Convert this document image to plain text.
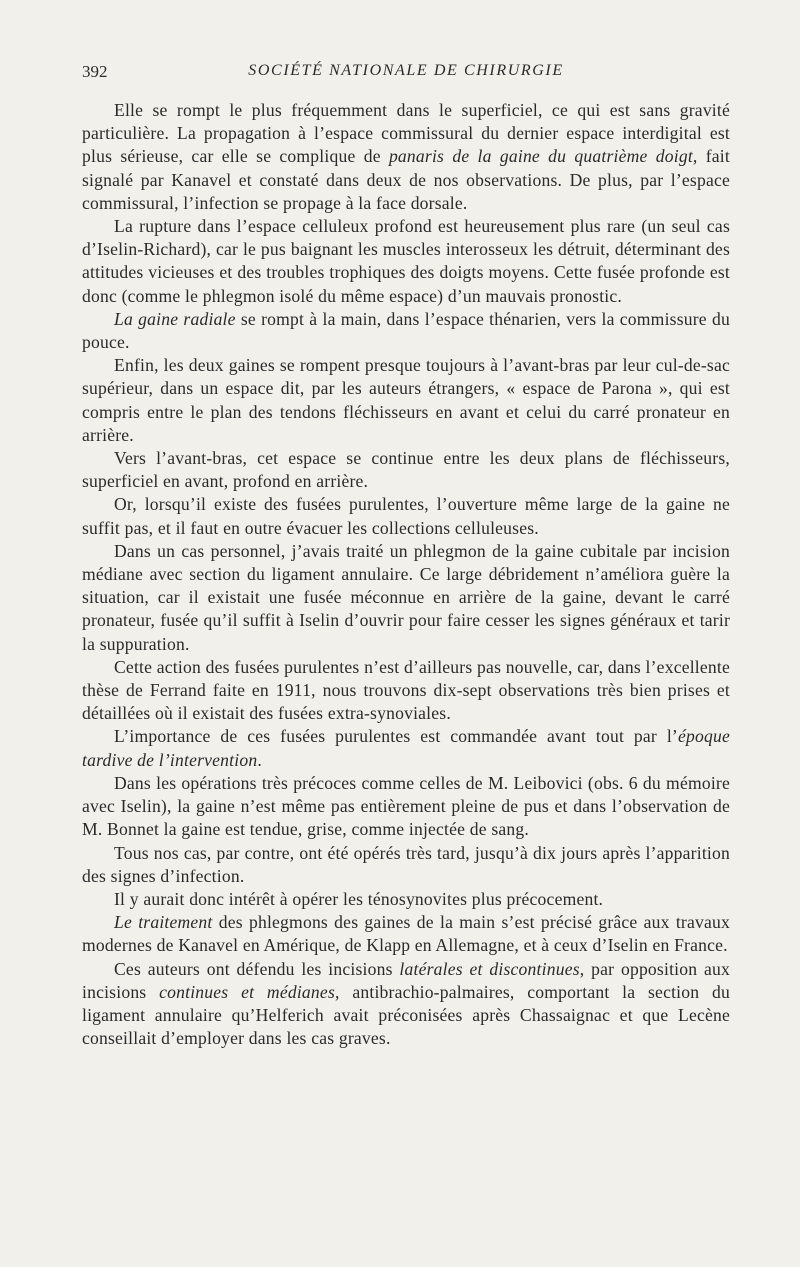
392	SOCIÉTÉ NATIONALE DE CHIRURGIE

Elle se rompt le plus fréquemment dans le superficiel, ce qui est sans gravité particulière. La propagation à l’espace commissural du dernier espace interdigital est plus sérieuse, car elle se complique de panaris de la gaine du quatrième doigt, fait signalé par Kanavel et constaté dans deux de nos observations. De plus, par l’espace commissural, l’infection se propage à la face dorsale.

La rupture dans l’espace celluleux profond est heureusement plus rare (un seul cas d’Iselin-Richard), car le pus baignant les muscles interosseux les détruit, déterminant des attitudes vicieuses et des troubles trophiques des doigts moyens. Cette fusée profonde est donc (comme le phlegmon isolé du même espace) d’un mauvais pronostic.

La gaine radiale se rompt à la main, dans l’espace thénarien, vers la commissure du pouce.

Enfin, les deux gaines se rompent presque toujours à l’avant-bras par leur cul-de-sac supérieur, dans un espace dit, par les auteurs étrangers, « espace de Parona », qui est compris entre le plan des tendons fléchisseurs en avant et celui du carré pronateur en arrière.

Vers l’avant-bras, cet espace se continue entre les deux plans de fléchisseurs, superficiel en avant, profond en arrière.

Or, lorsqu’il existe des fusées purulentes, l’ouverture même large de la gaine ne suffit pas, et il faut en outre évacuer les collections celluleuses.

Dans un cas personnel, j’avais traité un phlegmon de la gaine cubitale par incision médiane avec section du ligament annulaire. Ce large débridement n’améliora guère la situation, car il existait une fusée méconnue en arrière de la gaine, devant le carré pronateur, fusée qu’il suffit à Iselin d’ouvrir pour faire cesser les signes généraux et tarir la suppuration.

Cette action des fusées purulentes n’est d’ailleurs pas nouvelle, car, dans l’excellente thèse de Ferrand faite en 1911, nous trouvons dix-sept observations très bien prises et détaillées où il existait des fusées extra-synoviales.

L’importance de ces fusées purulentes est commandée avant tout par l’époque tardive de l’intervention.

Dans les opérations très précoces comme celles de M. Leibovici (obs. 6 du mémoire avec Iselin), la gaine n’est même pas entièrement pleine de pus et dans l’observation de M. Bonnet la gaine est tendue, grise, comme injectée de sang.

Tous nos cas, par contre, ont été opérés très tard, jusqu’à dix jours après l’apparition des signes d’infection.

Il y aurait donc intérêt à opérer les ténosynovites plus précocement.

Le traitement des phlegmons des gaines de la main s’est précisé grâce aux travaux modernes de Kanavel en Amérique, de Klapp en Allemagne, et à ceux d’Iselin en France.

Ces auteurs ont défendu les incisions latérales et discontinues, par opposition aux incisions continues et médianes, antibrachio-palmaires, comportant la section du ligament annulaire qu’Helferich avait préconisées après Chassaignac et que Lecène conseillait d’employer dans les cas graves.
